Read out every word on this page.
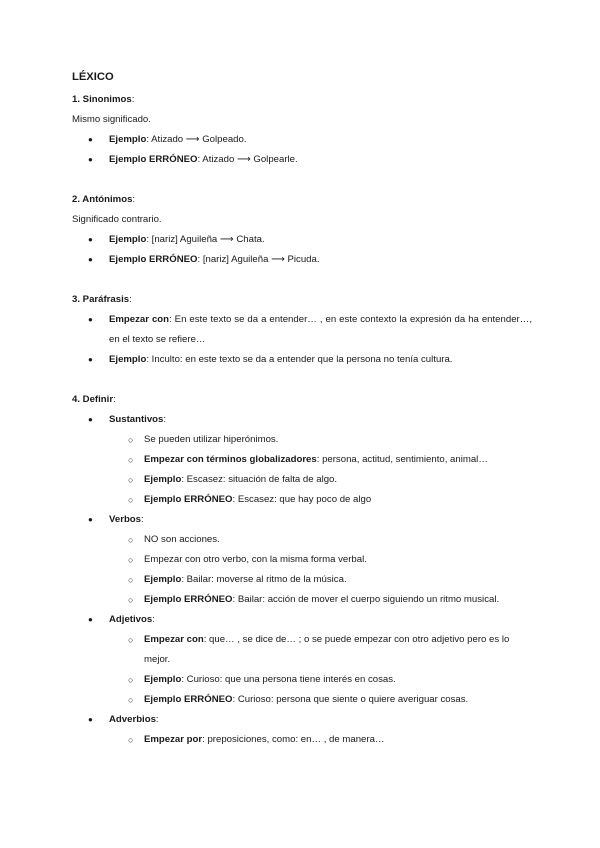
LÉXICO
1. Sinonimos:
Mismo significado.
● Ejemplo: Atizado ⟶ Golpeado.
● Ejemplo ERRÓNEO: Atizado ⟶ Golpearle.
2. Antónimos:
Significado contrario.
● Ejemplo: [nariz] Aguileña ⟶ Chata.
● Ejemplo ERRÓNEO: [nariz] Aguileña ⟶ Picuda.
3. Paráfrasis:
● Empezar con: En este texto se da a entender… , en este contexto la expresión da ha entender…, en el texto se refiere…
● Ejemplo: Inculto: en este texto se da a entender que la persona no tenía cultura.
4. Definir:
● Sustantivos:
○ Se pueden utilizar hiperónimos.
○ Empezar con términos globalizadores: persona, actitud, sentimiento, animal…
○ Ejemplo: Escasez: situación de falta de algo.
○ Ejemplo ERRÓNEO: Escasez: que hay poco de algo
● Verbos:
○ NO son acciones.
○ Empezar con otro verbo, con la misma forma verbal.
○ Ejemplo: Bailar: moverse al ritmo de la música.
○ Ejemplo ERRÓNEO: Bailar: acción de mover el cuerpo siguiendo un ritmo musical.
● Adjetivos:
○ Empezar con: que… , se dice de… ; o se puede empezar con otro adjetivo pero es lo mejor.
○ Ejemplo: Curioso: que una persona tiene interés en cosas.
○ Ejemplo ERRÓNEO: Curioso: persona que siente o quiere averiguar cosas.
● Adverbios:
○ Empezar por: preposiciones, como: en… , de manera…
